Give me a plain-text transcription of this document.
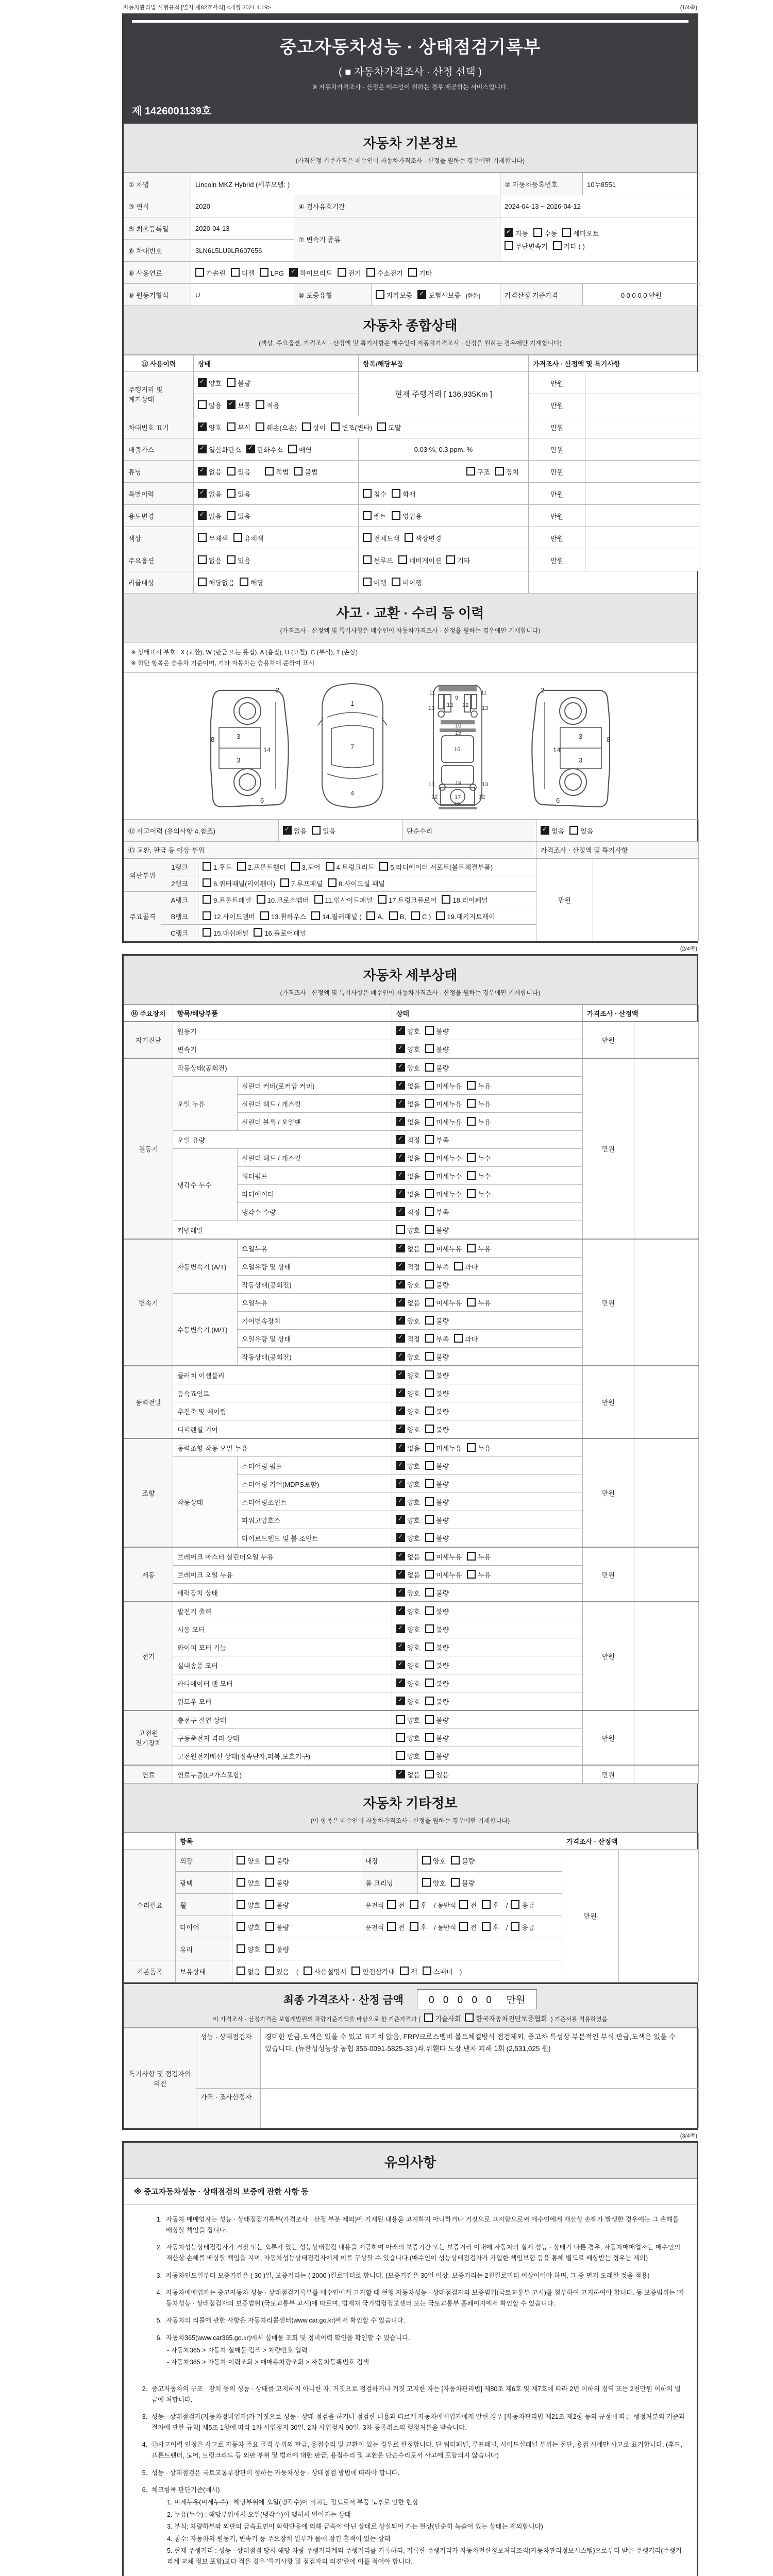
자동차관리법 시행규칙 [별지 제82호서식] <개정 2021.1.19>	(1/4쪽)
중고자동차성능 · 상태점검기록부
( ■ 자동차가격조사 · 산정 선택 )
※ 자동차가격조사 · 산정은 매수인이 원하는 경우 제공하는 서비스입니다.
제 1426001139호
자동차 기본정보
(가격산정 기준가격은 매수인이 자동차가격조사 · 산정을 원하는 경우에만 기재합니다)
① 차명	Lincoln MKZ Hybrid (세부모델: )			② 자동차등록번호	10누8551
③ 연식	2020	④ 검사유효기간		2024-04-13 ~ 2026-04-12	
⑤ 최초등록일	2020-04-13	⑦ 변속기 종류	
✓자동 수동 세미오토
무단변속기 기타 ( )

⑥ 차대번호	3LN6L5LU9LR607656				
⑧ 사용연료	가솔린 디젤 LPG ✓ 하이브리드 전기 수소전기 기타
⑨ 원동기형식	U	⑩ 보증유형	자가보증 ✓ 보험사보증 [한화]	가격산정 기준가격	0 0 0 0 0 만원
자동차 종합상태
(색상, 주요옵션, 가격조사 · 산정액 및 특기사항은 매수인이 자동차가격조사 · 산정을 원하는 경우에만 기재합니다)
⑪ 사용이력	상태	항목/해당부품	가격조사 · 산정액 및 특기사항	
주행거리 및 계기상태	✓양호 불량	현재 주행거리 [ 136,935Km ]	만원	
	많음 ✓ 보통 적음		만원	
차대번호 표기	✓양호 부식 훼손(오손) 상이 변조(변타) 도말		만원	
배출가스	✓일산화탄소 ✓ 탄화수소 매연	0.03 %, 0.3 ppm, %	만원	
튜닝	✓없음 있음 적법 불법	구조 장치	만원	
특별이력	✓없음 있음	침수 화재	만원	
용도변경	✓없음 있음	렌트 영업용	만원	
색상	무채색 유채색	전체도색 색상변경	만원	
주요옵션	없음 있음	썬루프 네비게이션 기타	만원	
리콜대상	해당없음 해당	이행 미이행		
사고 · 교환 · 수리 등 이력
(가격조사 · 산정액 및 특기사항은 매수인이 자동차가격조사 · 산정을 원하는 경우에만 기재합니다)
※ 상태표시 부호 : X (교환), W (판금 또는 용접), A (흠집), U (요철), C (부식), T (손상)
※ 하단 항목은 승용차 기준이며, 기타 자동차는 승용차에 준하여 표시
2
8	3
3
14
6
1
7
4
11	11
9
13	13
12 12
10
15
16
13	13
19
12	12
17
18
2
8
3
3
14
6
⑫ 사고이력 (유의사항 4.참조)	✓없음 있음	단순수리	✓없음 있음
⑬ 교환, 판금 등 이상 부위			가격조사 · 산정액 및 특기사항
외판부위	1랭크	1.후드 2.프론트휀더 3.도어 4.트렁크리드 5.라디에이터 서포트(볼트체결부품)	만원	
	2랭크	6.쿼터패널(리어휀더) 7.루프패널 8.사이드실 패널		
주요골격	A랭크	9.프론트패널 10.크로스멤버 11.인사이드패널 17.트렁크플로어 18.리어패널		
	B랭크	12.사이드멤버 13.휠하우스 14.필러패널 ( A, B, C ) 19.패키지트레이		
	C랭크	15.대쉬패널 16.플로어패널		
(2/4쪽)
자동차 세부상태
(가격조사 · 산정액 및 특기사항은 매수인이 자동차가격조사 · 산정을 원하는 경우에만 기재합니다)
⑭ 주요장치	항목/해당부품		상태	가격조사 · 산정액	
자기진단	원동기	✓양호 불량	만원	
	변속기	✓양호 불량
원동기	작동상태(공회전)	✓양호 불량	만원	
	오일 누유	실린더 커버(로커암 커버)	✓없음 미세누유 누유
		실린더 헤드 / 개스킷	✓없음 미세누유 누유
		실린더 블록 / 오일팬	✓없음 미세누유 누유
	오일 유량	✓적정 부족
	냉각수 누수	실린더 헤드 / 개스킷	✓없음 미세누수 누수
		워터펌프	✓없음 미세누수 누수
		라디에이터	✓없음 미세누수 누수
		냉각수 수량	✓적정 부족
	커먼레일		양호 불량		
변속기	자동변속기 (A/T)	오일누유	✓없음 미세누유 누유	만원	
		오일유량 및 상태	✓적정 부족 과다
		작동상태(공회전)	✓양호 불량
	수동변속기 (M/T)	오일누유	✓없음 미세누유 누유
		기어변속장치	✓양호 불량
		오일유량 및 상태	✓적정 부족 과다
		작동상태(공회전)	✓양호 불량
동력전달	클러치 어셈블리	✓양호 불량	만원	
	등속죠인트	✓양호 불량
	추진축 및 베어링	✓양호 불량
	디퍼렌셜 기어	✓양호 불량
조향	동력조향 작동 오일 누유	✓없음 미세누유 누유	만원	
	작동상태	스티어링 펌프	✓양호 불량
		스티어링 기어(MDPS포함)	✓양호 불량
		스티어링조인트	✓양호 불량
		파워고압호스	✓양호 불량
		타이로드엔드 및 볼 조인트	✓양호 불량
제동	브레이크 마스터 실린더오일 누유	✓없음 미세누유 누유	만원	
	브레이크 오일 누유	✓없음 미세누유 누유
	배력장치 상태	✓양호 불량
전기	발전기 출력	✓양호 불량	만원	
	시동 모터	✓양호 불량
	와이퍼 모터 기능	✓양호 불량
	실내송풍 모터	✓양호 불량
	라디에이터 팬 모터	✓양호 불량
	윈도우 모터	✓양호 불량
고전원 전기장치	충전구 절연 상태		양호 불량	만원	
	구동축전지 격리 상태		양호 불량		
	고전원전기배선 상태(접속단자,피복,보호기구)		양호 불량		
연료	연료누출(LP가스포함)	✓없음 있음	만원	
자동차 기타정보
(이 항목은 매수인이 자동차가격조사 · 산정을 원하는 경우에만 기재합니다)
	항목				가격조사 · 산정액	
수리필요	외장	양호 불량	내장	양호 불량	만원	
	광택	양호 불량	룸 크리닝	양호 불량		
	휠	양호 불량	운전석 전 후 / 동반석 전 후 / 응급			
	타이어	양호 불량	운전석 전 후 / 동반석 전 후 / 응급			
	유리	양호 불량				
기본품목	보유상태	없음 있음 ( 사용설명서 안전삼각대 잭 스패너 )				
최종 가격조사 · 산정 금액	0 0 0 0 0 만원
이 가격조사 · 산정가격은 보험개발원의 차량기준가액을 바탕으로 한 기준가격과 ( 기술사회 한국자동차진단보증협회 ) 기준서를 적용하였음
특기사항 및 점검자의 의견	성능 · 상태점검자	경미한 판금,도색은 있을 수 있고 표기치 않음, FRP/크로스멤버 볼트체결방식 점검제외, 중고차 특성상 부분적인 부식,판금,도색은 있을 수 있습니다. (뉴완성성능장 농협 355-0091-5825-33 )좌,뒤휀다 도장 낸차 피해 1회 (2,531,025 원)
	가격 · 조사산정자	
(3/4쪽)
유의사항
※ 중고자동차성능 · 상태점검의 보증에 관한 사항 등
1. 자동차 매매업자는 성능 · 상태점검기록부(가격조사 · 산정 부분 제외)에 기재된 내용을 고지하지 아니하거나 거짓으로 고지함으로써 매수인에게 재산상 손해가 발생한 경우에는 그 손해를 배상할 책임을 집니다.
2. 자동차성능상태점검자가 거짓 또는 오류가 있는 성능상태점검 내용을 제공하여 아래의 보증기간 또는 보증거리 이내에 자동차의 실제 성능 · 상태가 다른 경우, 자동차매매업자는 매수인의 재산상 손해를 배상할 책임을 지며, 자동차성능상태점검자에게 이를 구상할 수 있습니다.(매수인이 성능상태점검자가 가입한 책임보험 등을 통해 별도로 배상받는 경우는 제외)
3. 자동차인도일부터 보증기간은 ( 30 )일, 보증거리는 ( 2000 )킬로미터로 합니다. (보증기간은 30일 이상, 보증거리는 2천킬로미터 이상이어야 하며, 그 중 먼저 도래한 것을 적용)
4. 자동차매매업자는 중고자동차 성능 · 상태점검기록부를 매수인에게 고지할 때 현행 자동차성능 · 상태점검자의 보증범위(국토교통부 고시)를 첨부하여 고지하여야 합니다. 동 보증범위는 '자동차성능 · 상태점검자의 보증범위'(국토교통부 고시)에 따르며, 법제처 국가법령정보센터 또는 국토교통부 홈페이지에서 확인할 수 있습니다.
5. 자동차의 리콜에 관한 사항은 자동차리콜센터(www.car.go.kr)에서 확인할 수 있습니다.
6. 자동차365(www.car365.go.kr)에서 실매물 조회 및 정비이력 확인을 확인할 수 있습니다.
- 자동차365 > 자동차 실매물 검색 > 차량번호 입력
- 자동차365 > 자동차 이력조회 > 매매용차량조회 > 자동차등록번호 검색
2. 중고자동차의 구조 · 장치 등의 성능 · 상태를 고지하지 아니한 자, 거짓으로 점검하거나 거짓 고지한 자는 [자동차관리법] 제80조 제6호 및 제7호에 따라 2년 이하의 징역 또는 2천만원 이하의 벌금에 처합니다.
3. 성능 · 상태점검자(자동차정비업자)가 거짓으로 성능 · 상태 점검을 하거나 점검한 내용과 다르게 자동차매매업자에게 알린 경우 [자동차관리법 제21조 제2항 등의 규정에 따른 행정처분의 기준과 절차에 관한 규칙] 제5조 1항에 따라 1차 사업정지 30일, 2차 사업정지 90일, 3차 등록취소의 행정처분을 받습니다.
4. ⑫사고이력 인정은 사고로 자동차 주요 골격 부위의 판금, 용접수리 및 교환이 있는 경우로 한정합니다. 단 쿼터패널, 루프패널, 사이드실패널 부위는 절단, 용접 시에만 사고로 표기합니다. (후드, 프론트펜더, 도어, 트렁크리드 등 외판 부위 및 범퍼에 대한 판금, 용접수리 및 교환은 단순수리로서 사고에 포함되지 않습니다)
5. 성능 · 상태점검은 국토교통부장관이 정하는 자동차성능 · 상태점검 방법에 따라야 합니다.
6. 체크항목 판단기준(예시)
1. 미세누유(미세누수) : 해당부위에 오일(냉각수)이 비치는 정도로서 부품 노후로 인한 현상
2. 누유(누수) : 해당부위에서 오일(냉각수)이 맺혀서 떨어지는 상태
3. 부식: 차량하부와 외판의 금속표면이 화학반응에 의해 금속이 아닌 상태로 상실되어 가는 현상(단순히 녹슬어 있는 상태는 제외합니다)
4. 침수: 자동차의 원동기, 변속기 등 주요장치 일부가 물에 잠긴 흔적이 있는 상태
5. 현재 주행거리 : 성능 · 상태점검 당시 해당 차량 주행거리계의 주행거리를 기록하되, 기록한 주행거리가 자동차전산정보처리조직(자동차관리정보시스템)으로부터 받은 주행거리(주행거리계 교체 정보 포함)보다 적은 경우 '특기사항 및 점검자의 의견'란에 이를 적어야 합니다.
